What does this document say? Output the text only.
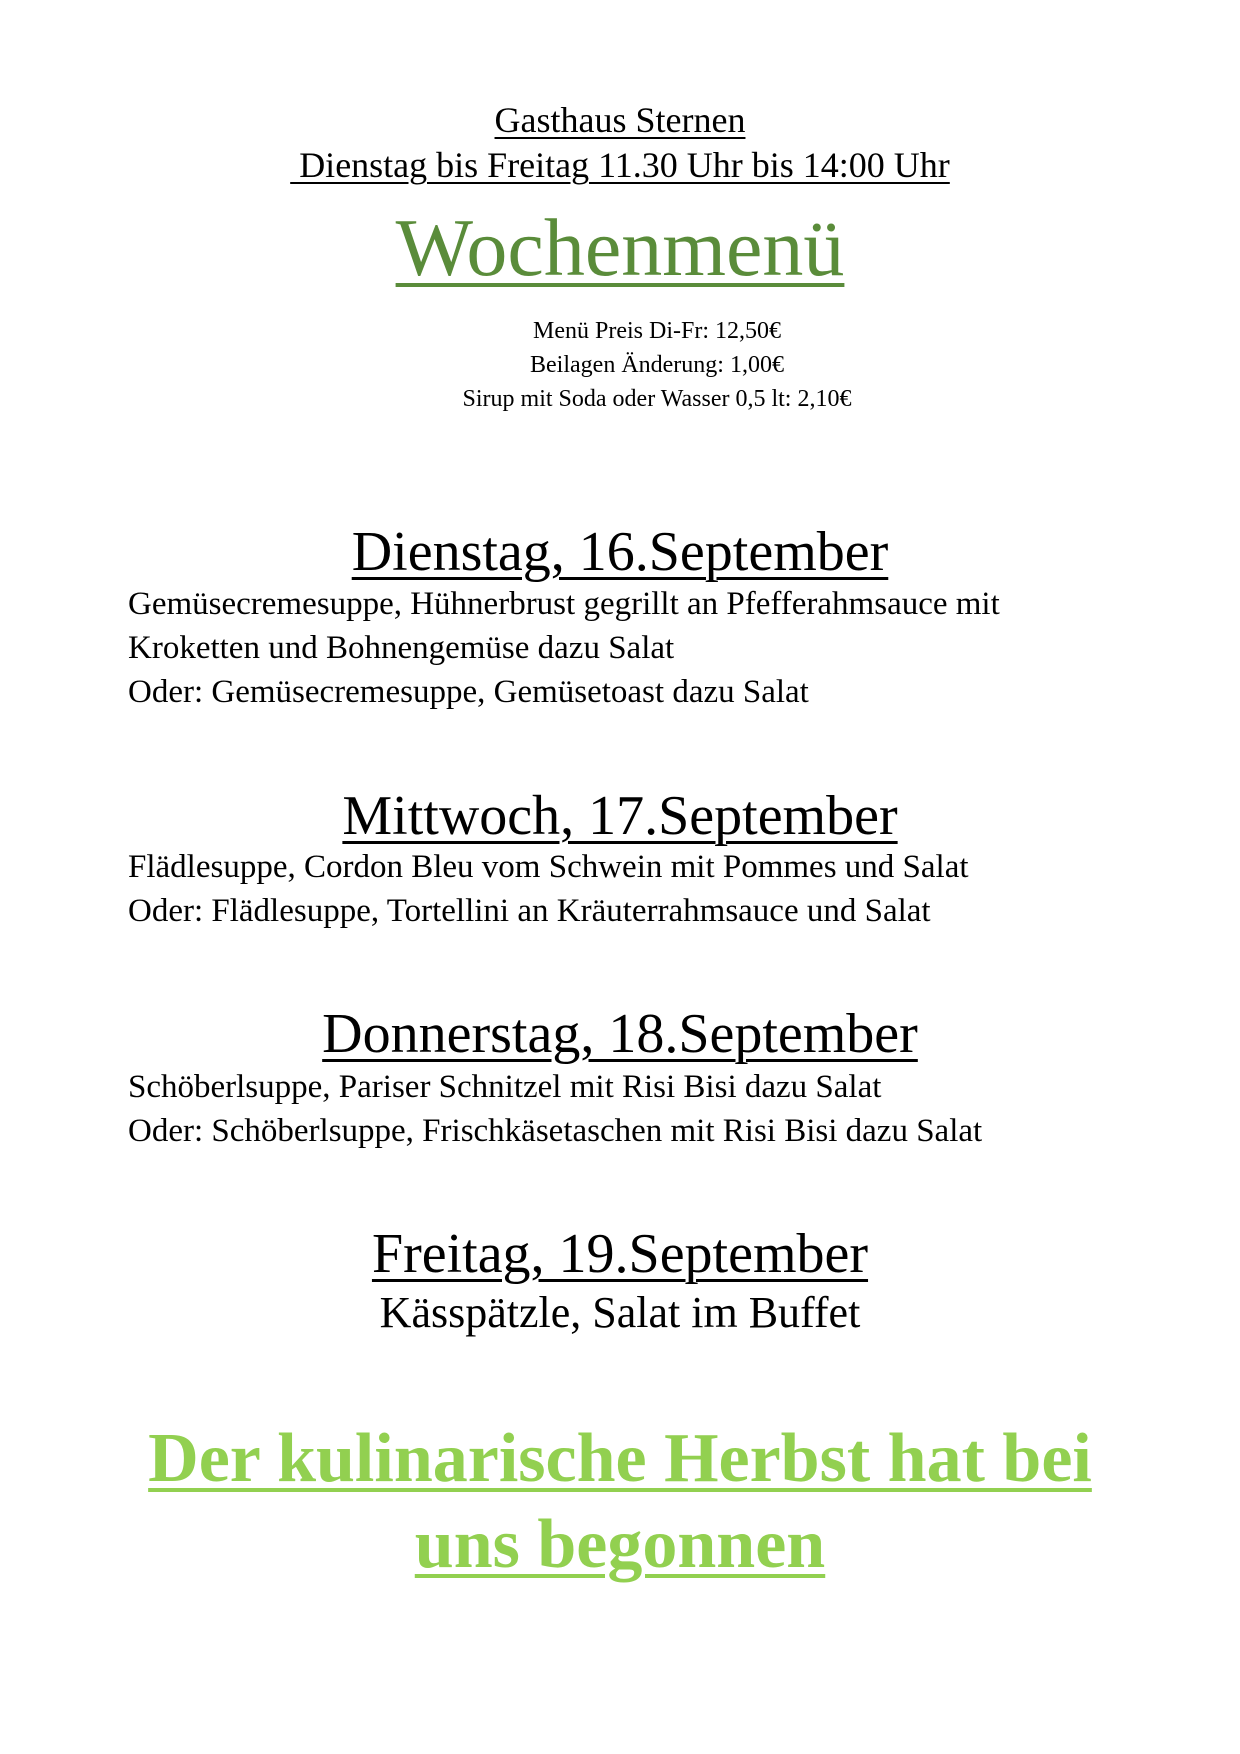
Gasthaus Sternen
Dienstag bis Freitag 11.30 Uhr bis 14:00 Uhr
Wochenmenü
Menü Preis Di-Fr: 12,50€
Beilagen Änderung: 1,00€
Sirup mit Soda oder Wasser 0,5 lt: 2,10€
Dienstag, 16.September
Gemüsecremesuppe, Hühnerbrust gegrillt an Pfefferahmsauce mit
Kroketten und Bohnengemüse dazu Salat
Oder: Gemüsecremesuppe, Gemüsetoast dazu Salat
Mittwoch, 17.September
Flädlesuppe, Cordon Bleu vom Schwein mit Pommes und Salat
Oder: Flädlesuppe, Tortellini an Kräuterrahmsauce und Salat
Donnerstag, 18.September
Schöberlsuppe, Pariser Schnitzel mit Risi Bisi dazu Salat
Oder: Schöberlsuppe, Frischkäsetaschen mit Risi Bisi dazu Salat
Freitag, 19.September
Kässpätzle, Salat im Buffet
Der kulinarische Herbst hat bei
uns begonnen
